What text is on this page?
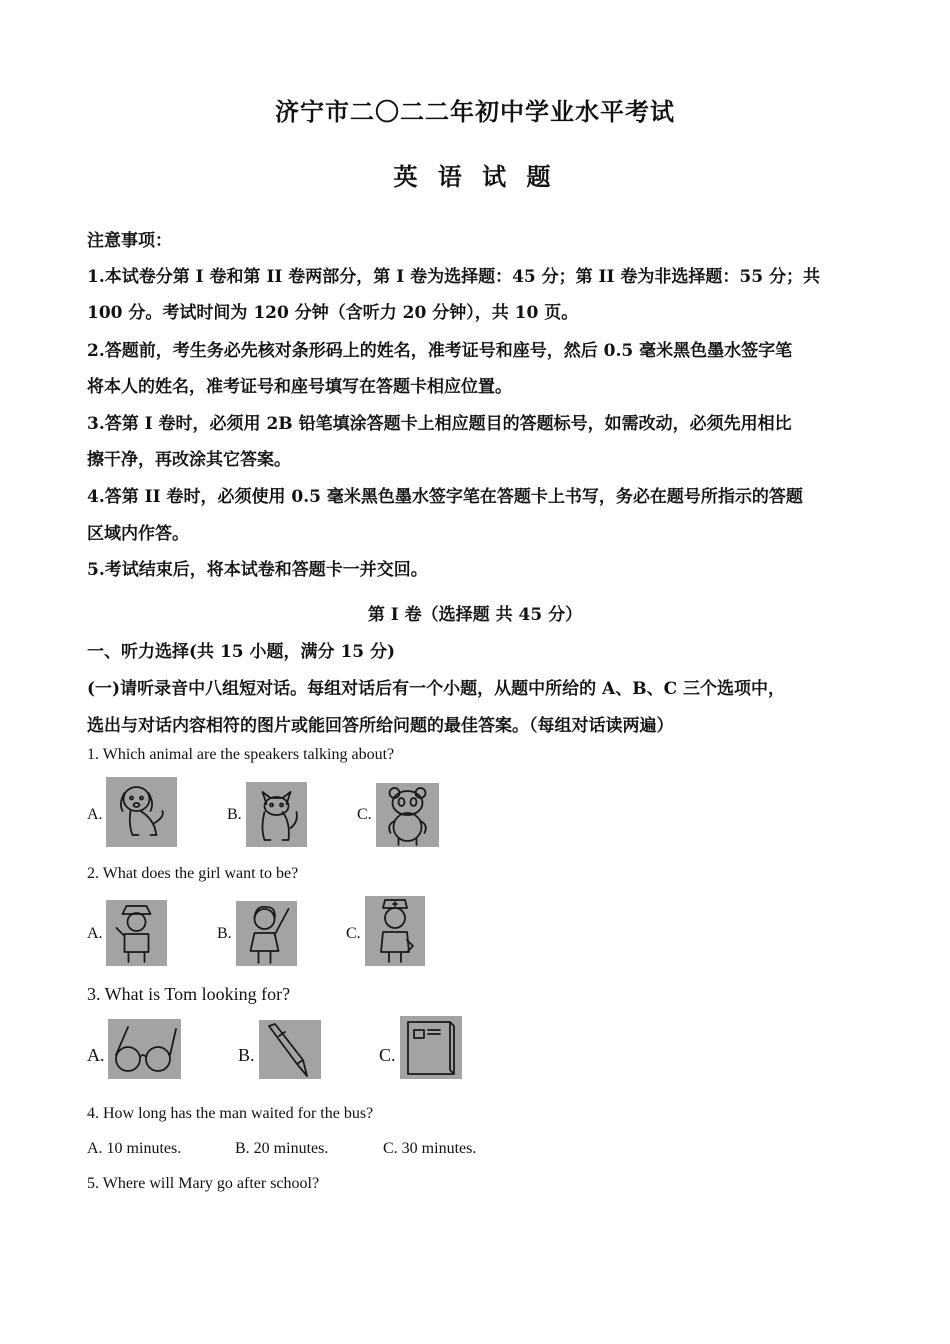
济宁市二〇二二年初中学业水平考试
英 语 试 题
注意事项：
1.本试卷分第 I 卷和第 II 卷两部分，第 I 卷为选择题：45 分；第 II 卷为非选择题：55 分；共
100 分。考试时间为 120 分钟（含听力 20 分钟），共 10 页。
2.答题前，考生务必先核对条形码上的姓名，准考证号和座号，然后 0.5 毫米黑色墨水签字笔
将本人的姓名，准考证号和座号填写在答题卡相应位置。
3.答第 I 卷时，必须用 2B 铅笔填涂答题卡上相应题目的答题标号，如需改动，必须先用相比
擦干净，再改涂其它答案。
4.答第 II 卷时，必须使用 0.5 毫米黑色墨水签字笔在答题卡上书写，务必在题号所指示的答题
区域内作答。
5.考试结束后，将本试卷和答题卡一并交回。
第 I 卷（选择题 共 45 分）
一、听力选择(共 15 小题，满分 15 分)
(一)请听录音中八组短对话。每组对话后有一个小题，从题中所给的 A、B、C 三个选项中，
选出与对话内容相符的图片或能回答所给问题的最佳答案。（每组对话读两遍）
1. Which animal are the speakers talking about?
A.	B.	C.
2. What does the girl want to be?
A.	B.	C.
3. What is Tom looking for?
A.	B.	C.
4. How long has the man waited for the bus?
A. 10 minutes.	B. 20 minutes.	C. 30 minutes.
5. Where will Mary go after school?
